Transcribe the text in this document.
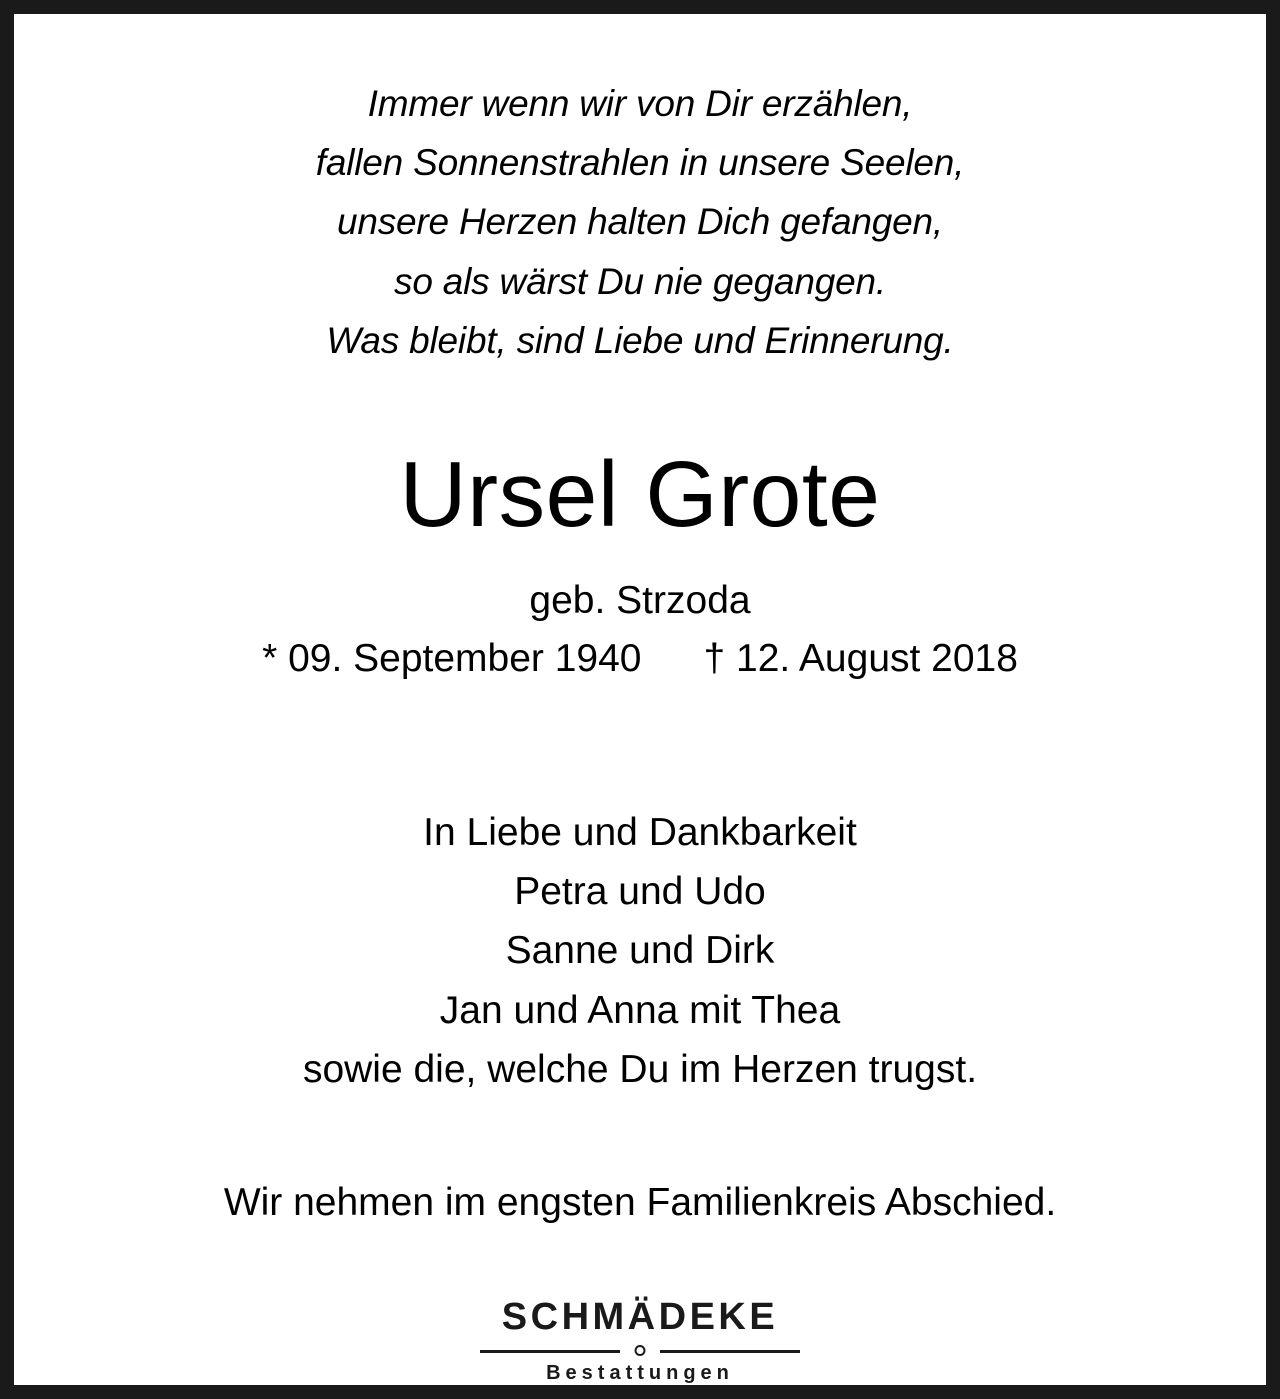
Immer wenn wir von Dir erzählen,
fallen Sonnenstrahlen in unsere Seelen,
unsere Herzen halten Dich gefangen,
so als wärst Du nie gegangen.
Was bleibt, sind Liebe und Erinnerung.
Ursel Grote
geb. Strzoda
* 09. September 1940 † 12. August 2018
In Liebe und Dankbarkeit
Petra und Udo
Sanne und Dirk
Jan und Anna mit Thea
sowie die, welche Du im Herzen trugst.
Wir nehmen im engsten Familienkreis Abschied.
SCHMÄDEKE
Bestattungen
